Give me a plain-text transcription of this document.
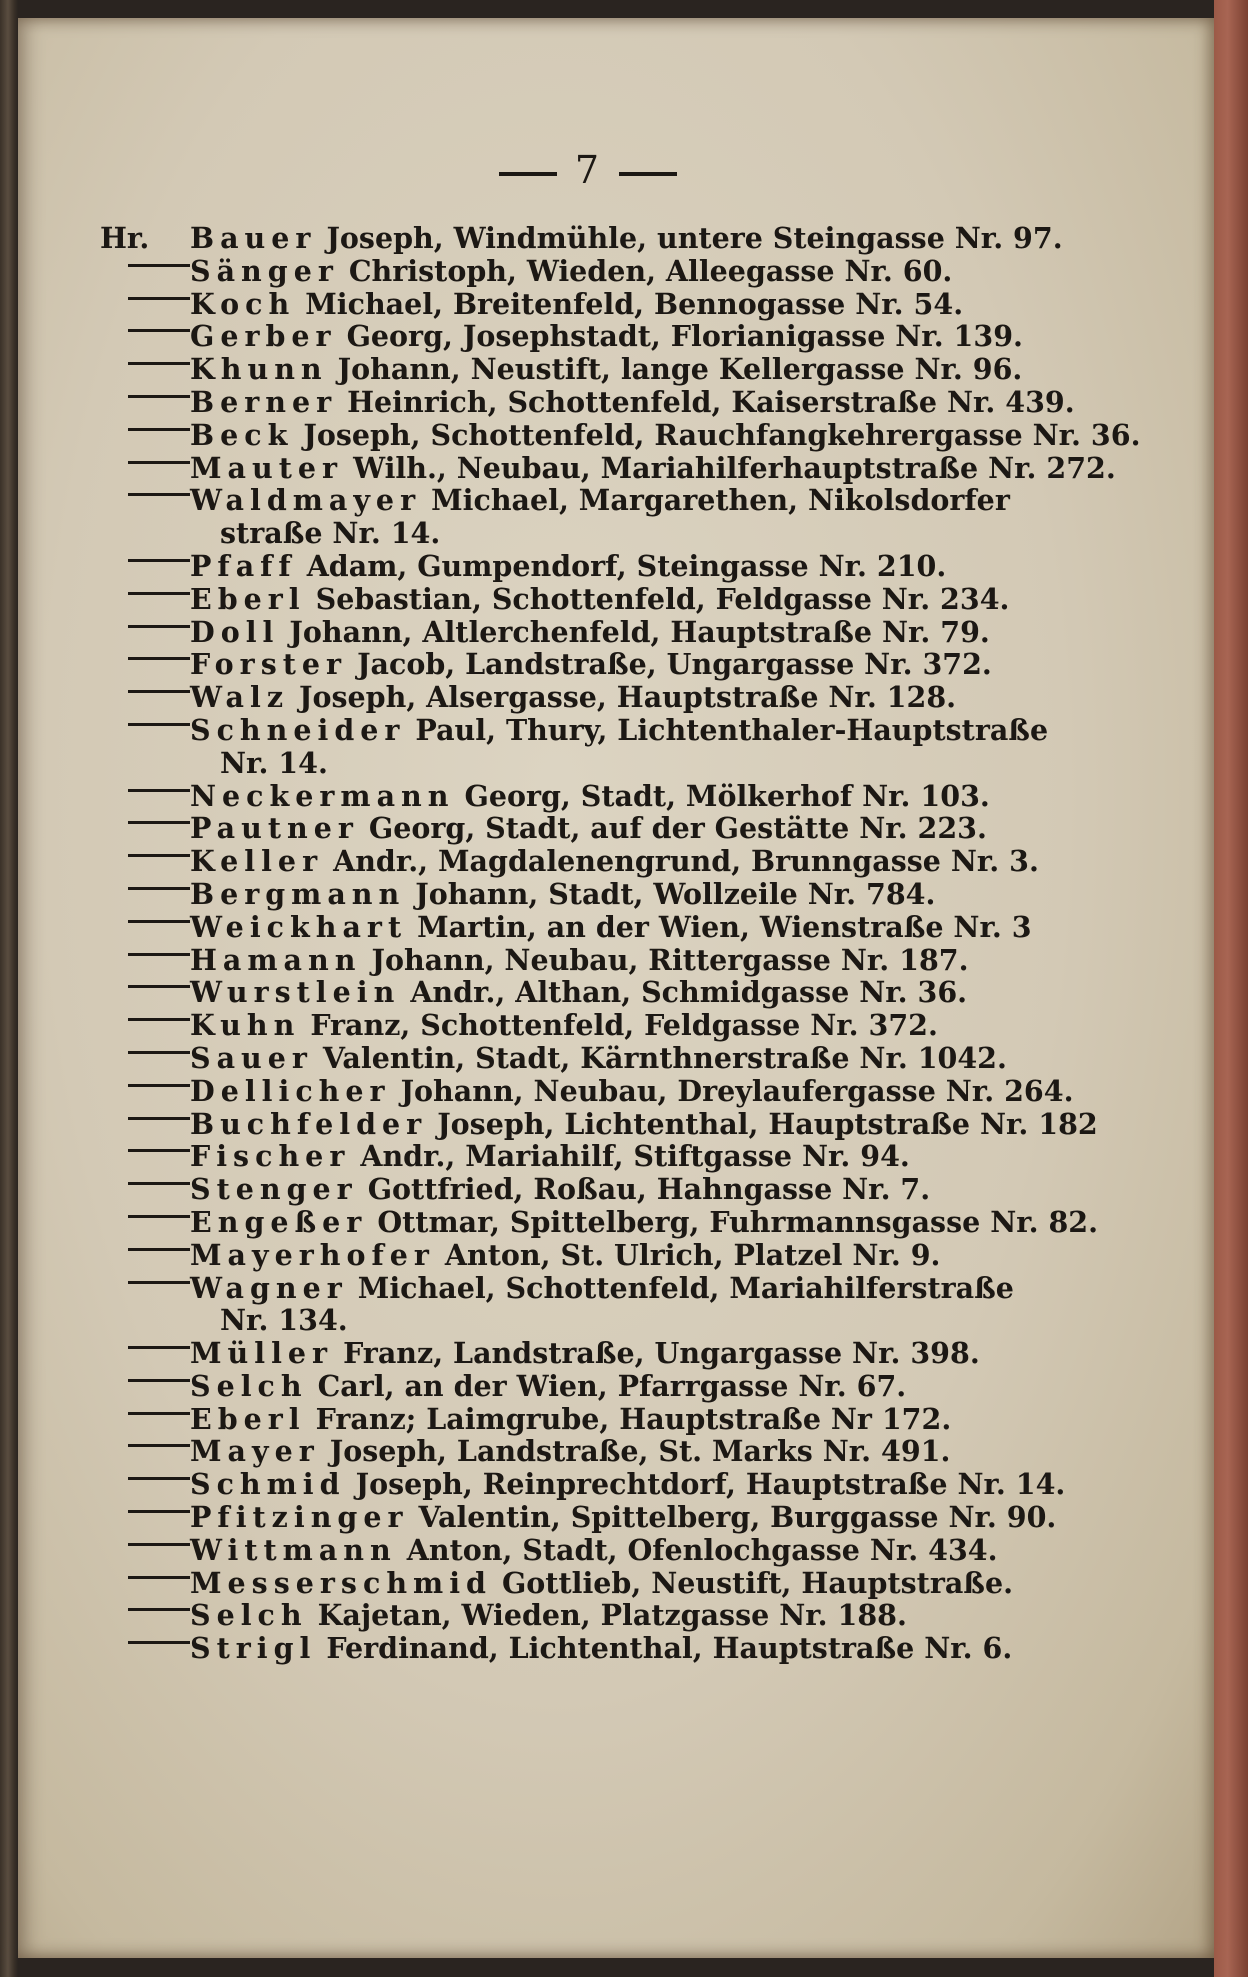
7
Hr.	Bauer Joseph, Windmühle, untere Steingasse Nr. 97.
Sänger Christoph, Wieden, Alleegasse Nr. 60.
Koch Michael, Breitenfeld, Bennogasse Nr. 54.
Gerber Georg, Josephstadt, Florianigasse Nr. 139.
Khunn Johann, Neustift, lange Kellergasse Nr. 96.
Berner Heinrich, Schottenfeld, Kaiserstraße Nr. 439.
Beck Joseph, Schottenfeld, Rauchfangkehrergasse Nr. 36.
Mauter Wilh., Neubau, Mariahilferhauptstraße Nr. 272.
Waldmayer Michael, Margarethen, Nikolsdorfer
straße Nr. 14.
Pfaff Adam, Gumpendorf, Steingasse Nr. 210.
Eberl Sebastian, Schottenfeld, Feldgasse Nr. 234.
Doll Johann, Altlerchenfeld, Hauptstraße Nr. 79.
Forster Jacob, Landstraße, Ungargasse Nr. 372.
Walz Joseph, Alsergasse, Hauptstraße Nr. 128.
Schneider Paul, Thury, Lichtenthaler-Hauptstraße
Nr. 14.
Neckermann Georg, Stadt, Mölkerhof Nr. 103.
Pautner Georg, Stadt, auf der Gestätte Nr. 223.
Keller Andr., Magdalenengrund, Brunngasse Nr. 3.
Bergmann Johann, Stadt, Wollzeile Nr. 784.
Weickhart Martin, an der Wien, Wienstraße Nr. 3
Hamann Johann, Neubau, Rittergasse Nr. 187.
Wurstlein Andr., Althan, Schmidgasse Nr. 36.
Kuhn Franz, Schottenfeld, Feldgasse Nr. 372.
Sauer Valentin, Stadt, Kärnthnerstraße Nr. 1042.
Dellicher Johann, Neubau, Dreylaufergasse Nr. 264.
Buchfelder Joseph, Lichtenthal, Hauptstraße Nr. 182
Fischer Andr., Mariahilf, Stiftgasse Nr. 94.
Stenger Gottfried, Roßau, Hahngasse Nr. 7.
Engeßer Ottmar, Spittelberg, Fuhrmannsgasse Nr. 82.
Mayerhofer Anton, St. Ulrich, Platzel Nr. 9.
Wagner Michael, Schottenfeld, Mariahilferstraße
Nr. 134.
Müller Franz, Landstraße, Ungargasse Nr. 398.
Selch Carl, an der Wien, Pfarrgasse Nr. 67.
Eberl Franz; Laimgrube, Hauptstraße Nr 172.
Mayer Joseph, Landstraße, St. Marks Nr. 491.
Schmid Joseph, Reinprechtdorf, Hauptstraße Nr. 14.
Pfitzinger Valentin, Spittelberg, Burggasse Nr. 90.
Wittmann Anton, Stadt, Ofenlochgasse Nr. 434.
Messerschmid Gottlieb, Neustift, Hauptstraße.
Selch Kajetan, Wieden, Platzgasse Nr. 188.
Strigl Ferdinand, Lichtenthal, Hauptstraße Nr. 6.
